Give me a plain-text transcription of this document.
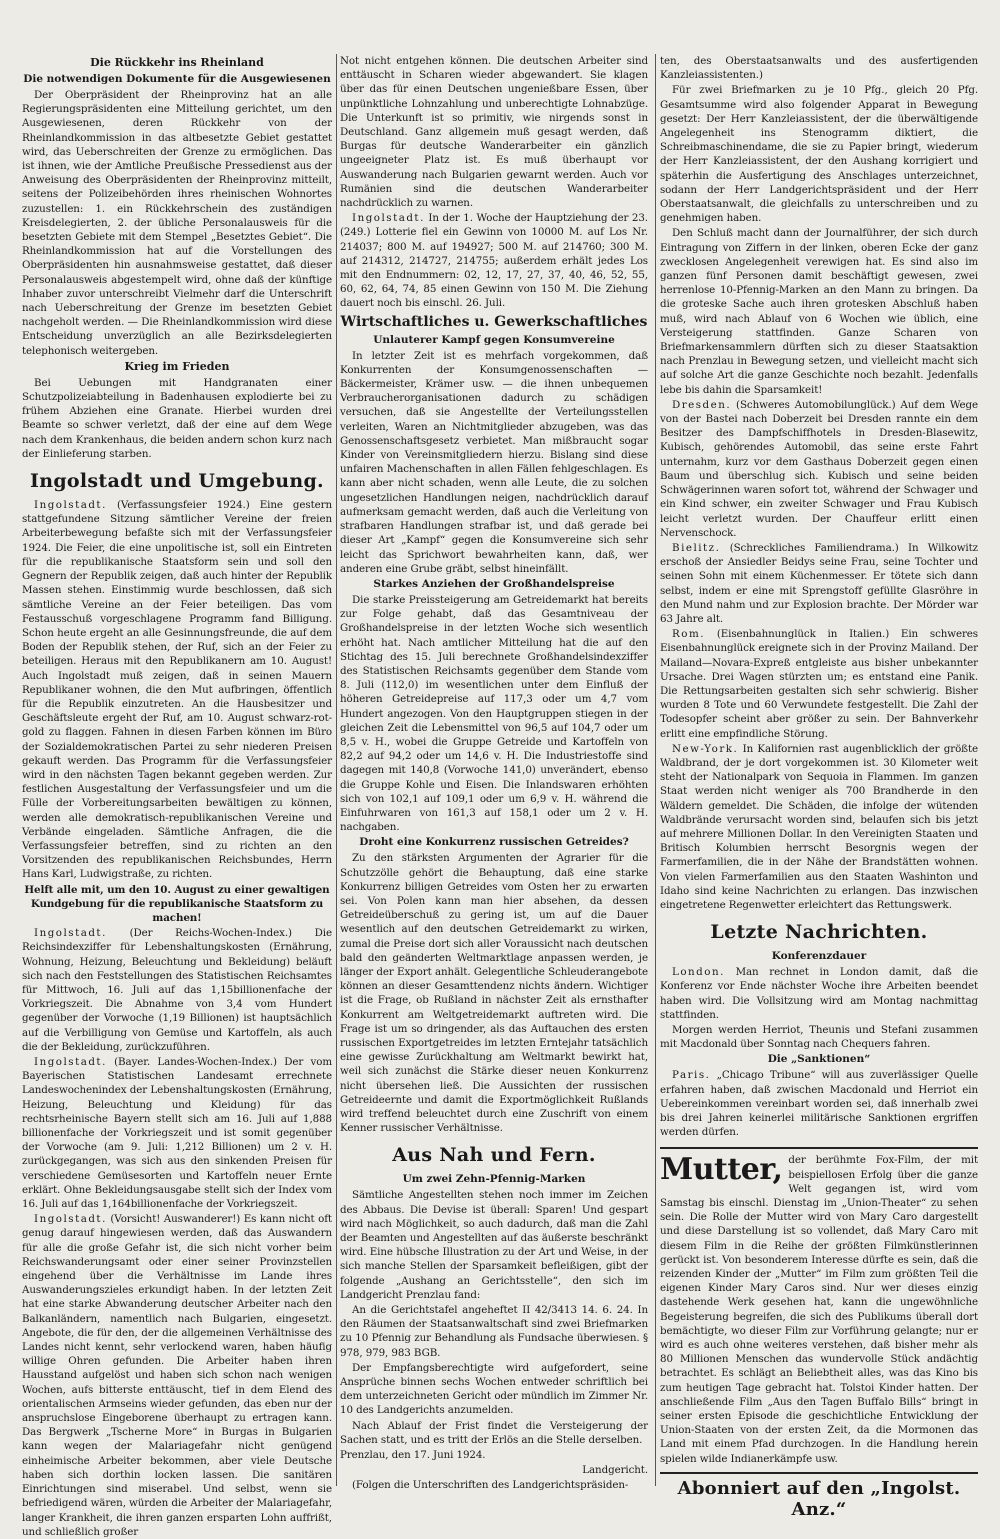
Die Rückkehr ins Rheinland
Die notwendigen Dokumente für die Ausgewiesenen

Der Oberpräsident der Rheinprovinz hat an alle Regierungspräsidenten eine Mitteilung gerichtet, um den Ausgewiesenen, deren Rückkehr von der Rheinlandkommission in das altbesetzte Gebiet gestattet wird, das Ueberschreiten der Grenze zu ermöglichen. Das ist ihnen, wie der Amtliche Preußische Pressedienst aus der Anweisung des Oberpräsidenten der Rheinprovinz mitteilt, seitens der Polizeibehörden ihres rheinischen Wohnortes zuzustellen: 1. ein Rückkehrschein des zuständigen Kreisdelegierten, 2. der übliche Personalausweis für die besetzten Gebiete mit dem Stempel „Besetztes Gebiet“. Die Rheinlandkommission hat auf die Vorstellungen des Oberpräsidenten hin ausnahmsweise gestattet, daß dieser Personalausweis abgestempelt wird, ohne daß der künftige Inhaber zuvor unterschreibt Vielmehr darf die Unterschrift nach Ueberschreitung der Grenze im besetzten Gebiet nachgeholt werden. — Die Rheinlandkommission wird diese Entscheidung unverzüglich an alle Bezirksdelegierten telephonisch weitergeben.

Krieg im Frieden

Bei Uebungen mit Handgranaten einer Schutzpolizeiabteilung in Badenhausen explodierte bei zu frühem Abziehen eine Granate. Hierbei wurden drei Beamte so schwer verletzt, daß der eine auf dem Wege nach dem Krankenhaus, die beiden andern schon kurz nach der Einlieferung starben.

Ingolstadt und Umgebung.

Ingolstadt. (Verfassungsfeier 1924.) Eine gestern stattgefundene Sitzung sämtlicher Vereine der freien Arbeiterbewegung befaßte sich mit der Verfassungsfeier 1924. Die Feier, die eine unpolitische ist, soll ein Eintreten für die republikanische Staatsform sein und soll den Gegnern der Republik zeigen, daß auch hinter der Republik Massen stehen. Einstimmig wurde beschlossen, daß sich sämtliche Vereine an der Feier beteiligen. Das vom Festausschuß vorgeschlagene Programm fand Billigung. Schon heute ergeht an alle Gesinnungsfreunde, die auf dem Boden der Republik stehen, der Ruf, sich an der Feier zu beteiligen. Heraus mit den Republikanern am 10. August! Auch Ingolstadt muß zeigen, daß in seinen Mauern Republikaner wohnen, die den Mut aufbringen, öffentlich für die Republik einzutreten. An die Hausbesitzer und Geschäftsleute ergeht der Ruf, am 10. August schwarz-rot-gold zu flaggen. Fahnen in diesen Farben können im Büro der Sozialdemokratischen Partei zu sehr niederen Preisen gekauft werden. Das Programm für die Verfassungsfeier wird in den nächsten Tagen bekannt gegeben werden. Zur festlichen Ausgestaltung der Verfassungsfeier und um die Fülle der Vorbereitungsarbeiten bewältigen zu können, werden alle demokratisch-republikanischen Vereine und Verbände eingeladen. Sämtliche Anfragen, die die Verfassungsfeier betreffen, sind zu richten an den Vorsitzenden des republikanischen Reichsbundes, Herrn Hans Karl, Ludwigstraße, zu richten.

Helft alle mit, um den 10. August zu einer gewaltigen Kundgebung für die republikanische Staatsform zu machen!

Ingolstadt. (Der Reichs-Wochen-Index.) Die Reichsindexziffer für Lebenshaltungskosten (Ernährung, Wohnung, Heizung, Beleuchtung und Bekleidung) beläuft sich nach den Feststellungen des Statistischen Reichsamtes für Mittwoch, 16. Juli auf das 1,15billionenfache der Vorkriegszeit. Die Abnahme von 3,4 vom Hundert gegenüber der Vorwoche (1,19 Billionen) ist hauptsächlich auf die Verbilligung von Gemüse und Kartoffeln, als auch die der Bekleidung, zurückzuführen.

Ingolstadt. (Bayer. Landes-Wochen-Index.) Der vom Bayerischen Statistischen Landesamt errechnete Landeswochenindex der Lebenshaltungskosten (Ernährung, Heizung, Beleuchtung und Kleidung) für das rechtsrheinische Bayern stellt sich am 16. Juli auf 1,888 billionenfache der Vorkriegszeit und ist somit gegenüber der Vorwoche (am 9. Juli: 1,212 Billionen) um 2 v. H. zurückgegangen, was sich aus den sinkenden Preisen für verschiedene Gemüsesorten und Kartoffeln neuer Ernte erklärt. Ohne Bekleidungsausgabe stellt sich der Index vom 16. Juli auf das 1,164billionenfache der Vorkriegszeit.

Ingolstadt. (Vorsicht! Auswanderer!) Es kann nicht oft genug darauf hingewiesen werden, daß das Auswandern für alle die große Gefahr ist, die sich nicht vorher beim Reichswanderungsamt oder einer seiner Provinzstellen eingehend über die Verhältnisse im Lande ihres Auswanderungszieles erkundigt haben. In der letzten Zeit hat eine starke Abwanderung deutscher Arbeiter nach den Balkanländern, namentlich nach Bulgarien, eingesetzt. Angebote, die für den, der die allgemeinen Verhältnisse des Landes nicht kennt, sehr verlockend waren, haben häufig willige Ohren gefunden. Die Arbeiter haben ihren Hausstand aufgelöst und haben sich schon nach wenigen Wochen, aufs bitterste enttäuscht, tief in dem Elend des orientalischen Armseins wieder gefunden, das eben nur der anspruchslose Eingeborene überhaupt zu ertragen kann. Das Bergwerk „Tscherne More“ in Burgas in Bulgarien kann wegen der Malariagefahr nicht genügend einheimische Arbeiter bekommen, aber viele Deutsche haben sich dorthin locken lassen. Die sanitären Einrichtungen sind miserabel. Und selbst, wenn sie befriedigend wären, würden die Arbeiter der Malariagefahr, langer Krankheit, die ihren ganzen ersparten Lohn auffrißt, und schließlich großer

Not nicht entgehen können. Die deutschen Arbeiter sind enttäuscht in Scharen wieder abgewandert. Sie klagen über das für einen Deutschen ungenießbare Essen, über unpünktliche Lohnzahlung und unberechtigte Lohnabzüge. Die Unterkunft ist so primitiv, wie nirgends sonst in Deutschland. Ganz allgemein muß gesagt werden, daß Burgas für deutsche Wanderarbeiter ein gänzlich ungeeigneter Platz ist. Es muß überhaupt vor Auswanderung nach Bulgarien gewarnt werden. Auch vor Rumänien sind die deutschen Wanderarbeiter nachdrücklich zu warnen.

Ingolstadt. In der 1. Woche der Hauptziehung der 23. (249.) Lotterie fiel ein Gewinn von 10000 M. auf Los Nr. 214037; 800 M. auf 194927; 500 M. auf 214760; 300 M. auf 214312, 214727, 214755; außerdem erhält jedes Los mit den Endnummern: 02, 12, 17, 27, 37, 40, 46, 52, 55, 60, 62, 64, 74, 85 einen Gewinn von 150 M. Die Ziehung dauert noch bis einschl. 26. Juli.

Wirtschaftliches u. Gewerkschaftliches
Unlauterer Kampf gegen Konsumvereine

In letzter Zeit ist es mehrfach vorgekommen, daß Konkurrenten der Konsumgenossenschaften — Bäckermeister, Krämer usw. — die ihnen unbequemen Verbraucherorganisationen dadurch zu schädigen versuchen, daß sie Angestellte der Verteilungsstellen verleiten, Waren an Nichtmitglieder abzugeben, was das Genossenschaftsgesetz verbietet. Man mißbraucht sogar Kinder von Vereinsmitgliedern hierzu. Bislang sind diese unfairen Machenschaften in allen Fällen fehlgeschlagen. Es kann aber nicht schaden, wenn alle Leute, die zu solchen ungesetzlichen Handlungen neigen, nachdrücklich darauf aufmerksam gemacht werden, daß auch die Verleitung von strafbaren Handlungen strafbar ist, und daß gerade bei dieser Art „Kampf“ gegen die Konsumvereine sich sehr leicht das Sprichwort bewahrheiten kann, daß, wer anderen eine Grube gräbt, selbst hineinfällt.

Starkes Anziehen der Großhandelspreise

Die starke Preissteigerung am Getreidemarkt hat bereits zur Folge gehabt, daß das Gesamtniveau der Großhandelspreise in der letzten Woche sich wesentlich erhöht hat. Nach amtlicher Mitteilung hat die auf den Stichtag des 15. Juli berechnete Großhandelsindexziffer des Statistischen Reichsamts gegenüber dem Stande vom 8. Juli (112,0) im wesentlichen unter dem Einfluß der höheren Getreidepreise auf 117,3 oder um 4,7 vom Hundert angezogen. Von den Hauptgruppen stiegen in der gleichen Zeit die Lebensmittel von 96,5 auf 104,7 oder um 8,5 v. H., wobei die Gruppe Getreide und Kartoffeln von 82,2 auf 94,2 oder um 14,6 v. H. Die Industriestoffe sind dagegen mit 140,8 (Vorwoche 141,0) unverändert, ebenso die Gruppe Kohle und Eisen. Die Inlandswaren erhöhten sich von 102,1 auf 109,1 oder um 6,9 v. H. während die Einfuhrwaren von 161,3 auf 158,1 oder um 2 v. H. nachgaben.

Droht eine Konkurrenz russischen Getreides?

Zu den stärksten Argumenten der Agrarier für die Schutzzölle gehört die Behauptung, daß eine starke Konkurrenz billigen Getreides vom Osten her zu erwarten sei. Von Polen kann man hier absehen, da dessen Getreideüberschuß zu gering ist, um auf die Dauer wesentlich auf den deutschen Getreidemarkt zu wirken, zumal die Preise dort sich aller Voraussicht nach deutschen bald den geänderten Weltmarktlage anpassen werden, je länger der Export anhält. Gelegentliche Schleuderangebote können an dieser Gesamttendenz nichts ändern. Wichtiger ist die Frage, ob Rußland in nächster Zeit als ernsthafter Konkurrent am Weltgetreidemarkt auftreten wird. Die Frage ist um so dringender, als das Auftauchen des ersten russischen Exportgetreides im letzten Erntejahr tatsächlich eine gewisse Zurückhaltung am Weltmarkt bewirkt hat, weil sich zunächst die Stärke dieser neuen Konkurrenz nicht übersehen ließ. Die Aussichten der russischen Getreideernte und damit die Exportmöglichkeit Rußlands wird treffend beleuchtet durch eine Zuschrift von einem Kenner russischer Verhältnisse.

Aus Nah und Fern.
Um zwei Zehn-Pfennig-Marken

Sämtliche Angestellten stehen noch immer im Zeichen des Abbaus. Die Devise ist überall: Sparen! Und gespart wird nach Möglichkeit, so auch dadurch, daß man die Zahl der Beamten und Angestellten auf das äußerste beschränkt wird. Eine hübsche Illustration zu der Art und Weise, in der sich manche Stellen der Sparsamkeit befleißigen, gibt der folgende „Aushang an Gerichtsstelle“, den sich im Landgericht Prenzlau fand:

An die Gerichtstafel angeheftet II 42/3413 14. 6. 24. In den Räumen der Staatsanwaltschaft sind zwei Briefmarken zu 10 Pfennig zur Behandlung als Fundsache überwiesen. § 978, 979, 983 BGB.

Der Empfangsberechtigte wird aufgefordert, seine Ansprüche binnen sechs Wochen entweder schriftlich bei dem unterzeichneten Gericht oder mündlich im Zimmer Nr. 10 des Landgerichts anzumelden.

Nach Ablauf der Frist findet die Versteigerung der Sachen statt, und es tritt der Erlös an die Stelle derselben.

Prenzlau, den 17. Juni 1924.

Landgericht.

(Folgen die Unterschriften des Landgerichtspräsiden-

ten, des Oberstaatsanwalts und des ausfertigenden Kanzleiassistenten.)

Für zwei Briefmarken zu je 10 Pfg., gleich 20 Pfg. Gesamtsumme wird also folgender Apparat in Bewegung gesetzt: Der Herr Kanzleiassistent, der die überwältigende Angelegenheit ins Stenogramm diktiert, die Schreibmaschinendame, die sie zu Papier bringt, wiederum der Herr Kanzleiassistent, der den Aushang korrigiert und späterhin die Ausfertigung des Anschlages unterzeichnet, sodann der Herr Landgerichtspräsident und der Herr Oberstaatsanwalt, die gleichfalls zu unterschreiben und zu genehmigen haben.

Den Schluß macht dann der Journalführer, der sich durch Eintragung von Ziffern in der linken, oberen Ecke der ganz zwecklosen Angelegenheit verewigen hat. Es sind also im ganzen fünf Personen damit beschäftigt gewesen, zwei herrenlose 10-Pfennig-Marken an den Mann zu bringen. Da die groteske Sache auch ihren grotesken Abschluß haben muß, wird nach Ablauf von 6 Wochen wie üblich, eine Versteigerung stattfinden. Ganze Scharen von Briefmarkensammlern dürften sich zu dieser Staatsaktion nach Prenzlau in Bewegung setzen, und vielleicht macht sich auf solche Art die ganze Geschichte noch bezahlt. Jedenfalls lebe bis dahin die Sparsamkeit!

Dresden. (Schweres Automobilunglück.) Auf dem Wege von der Bastei nach Doberzeit bei Dresden rannte ein dem Besitzer des Dampfschiffhotels in Dresden-Blasewitz, Kubisch, gehörendes Automobil, das seine erste Fahrt unternahm, kurz vor dem Gasthaus Doberzeit gegen einen Baum und überschlug sich. Kubisch und seine beiden Schwägerinnen waren sofort tot, während der Schwager und ein Kind schwer, ein zweiter Schwager und Frau Kubisch leicht verletzt wurden. Der Chauffeur erlitt einen Nervenschock.

Bielitz. (Schreckliches Familiendrama.) In Wilkowitz erschoß der Ansiedler Beidys seine Frau, seine Tochter und seinen Sohn mit einem Küchenmesser. Er tötete sich dann selbst, indem er eine mit Sprengstoff gefüllte Glasröhre in den Mund nahm und zur Explosion brachte. Der Mörder war 63 Jahre alt.

Rom. (Eisenbahnunglück in Italien.) Ein schweres Eisenbahnunglück ereignete sich in der Provinz Mailand. Der Mailand—Novara-Expreß entgleiste aus bisher unbekannter Ursache. Drei Wagen stürzten um; es entstand eine Panik. Die Rettungsarbeiten gestalten sich sehr schwierig. Bisher wurden 8 Tote und 60 Verwundete festgestellt. Die Zahl der Todesopfer scheint aber größer zu sein. Der Bahnverkehr erlitt eine empfindliche Störung.

New-York. In Kalifornien rast augenblicklich der größte Waldbrand, der je dort vorgekommen ist. 30 Kilometer weit steht der Nationalpark von Sequoia in Flammen. Im ganzen Staat werden nicht weniger als 700 Brandherde in den Wäldern gemeldet. Die Schäden, die infolge der wütenden Waldbrände verursacht worden sind, belaufen sich bis jetzt auf mehrere Millionen Dollar. In den Vereinigten Staaten und Britisch Kolumbien herrscht Besorgnis wegen der Farmerfamilien, die in der Nähe der Brandstätten wohnen. Von vielen Farmerfamilien aus den Staaten Washinton und Idaho sind keine Nachrichten zu erlangen. Das inzwischen eingetretene Regenwetter erleichtert das Rettungswerk.

Letzte Nachrichten.
Konferenzdauer

London. Man rechnet in London damit, daß die Konferenz vor Ende nächster Woche ihre Arbeiten beendet haben wird. Die Vollsitzung wird am Montag nachmittag stattfinden.

Morgen werden Herriot, Theunis und Stefani zusammen mit Macdonald über Sonntag nach Chequers fahren.

Die „Sanktionen“

Paris. „Chicago Tribune“ will aus zuverlässiger Quelle erfahren haben, daß zwischen Macdonald und Herriot ein Uebereinkommen vereinbart worden sei, daß innerhalb zwei bis drei Jahren keinerlei militärische Sanktionen ergriffen werden dürfen.

Mutter, der berühmte Fox-Film, der mit beispiellosen Erfolg über die ganze Welt gegangen ist, wird vom Samstag bis einschl. Dienstag im „Union-Theater“ zu sehen sein. Die Rolle der Mutter wird von Mary Caro dargestellt und diese Darstellung ist so vollendet, daß Mary Caro mit diesem Film in die Reihe der größten Filmkünstlerinnen gerückt ist. Von besonderem Interesse dürfte es sein, daß die reizenden Kinder der „Mutter“ im Film zum größten Teil die eigenen Kinder Mary Caros sind. Nur wer dieses einzig dastehende Werk gesehen hat, kann die ungewöhnliche Begeisterung begreifen, die sich des Publikums überall dort bemächtigte, wo dieser Film zur Vorführung gelangte; nur er wird es auch ohne weiteres verstehen, daß bisher mehr als 80 Millionen Menschen das wundervolle Stück andächtig betrachtet. Es schlägt an Beliebtheit alles, was das Kino bis zum heutigen Tage gebracht hat. Tolstoi Kinder hatten. Der anschließende Film „Aus den Tagen Buffalo Bills“ bringt in seiner ersten Episode die geschichtliche Entwicklung der Union-Staaten von der ersten Zeit, da die Mormonen das Land mit einem Pfad durchzogen. In die Handlung herein spielen wilde Indianerkämpfe usw.

Abonniert auf den „Ingolst. Anz.“
